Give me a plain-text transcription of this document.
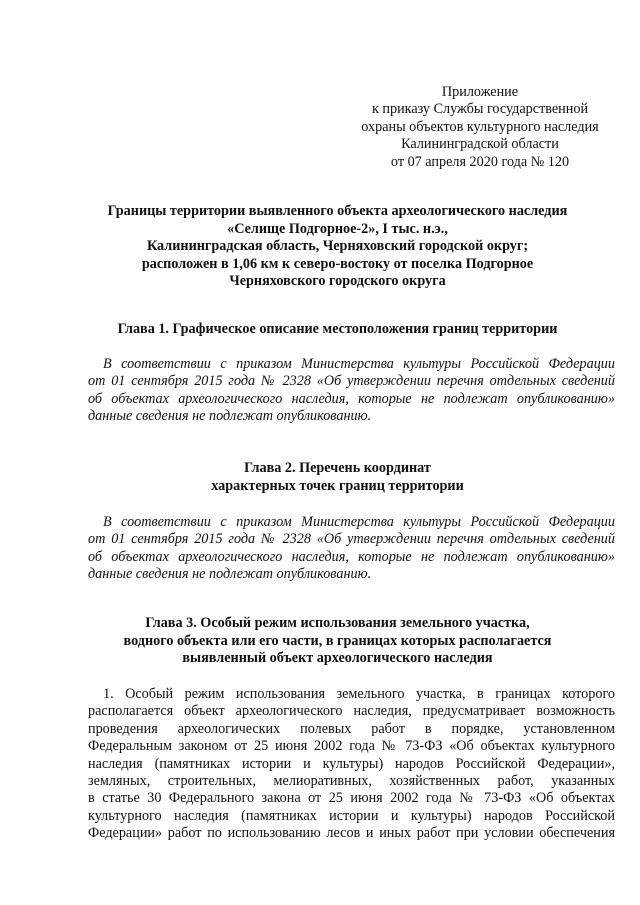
Приложение
к приказу Службы государственной
охраны объектов культурного наследия
Калининградской области
от 07 апреля 2020 года № 120
Границы территории выявленного объекта археологического наследия
«Селище Подгорное-2», I тыс. н.э.,
Калининградская область, Черняховский городской округ;
расположен в 1,06 км к северо-востоку от поселка Подгорное
Черняховского городского округа
Глава 1. Графическое описание местоположения границ территории
В соответствии с приказом Министерства культуры Российской Федерации
от 01 сентября 2015 года № 2328 «Об утверждении перечня отдельных сведений
об объектах археологического наследия, которые не подлежат опубликованию»
данные сведения не подлежат опубликованию.
Глава 2. Перечень координат
характерных точек границ территории
В соответствии с приказом Министерства культуры Российской Федерации
от 01 сентября 2015 года № 2328 «Об утверждении перечня отдельных сведений
об объектах археологического наследия, которые не подлежат опубликованию»
данные сведения не подлежат опубликованию.
Глава 3. Особый режим использования земельного участка,
водного объекта или его части, в границах которых располагается
выявленный объект археологического наследия
1. Особый режим использования земельного участка, в границах которого
располагается объект археологического наследия, предусматривает возможность
проведения археологических полевых работ в порядке, установленном
Федеральным законом от 25 июня 2002 года № 73-ФЗ «Об объектах культурного
наследия (памятниках истории и культуры) народов Российской Федерации»,
земляных, строительных, мелиоративных, хозяйственных работ, указанных
в статье 30 Федерального закона от 25 июня 2002 года № 73-ФЗ «Об объектах
культурного наследия (памятниках истории и культуры) народов Российской
Федерации» работ по использованию лесов и иных работ при условии обеспечения
